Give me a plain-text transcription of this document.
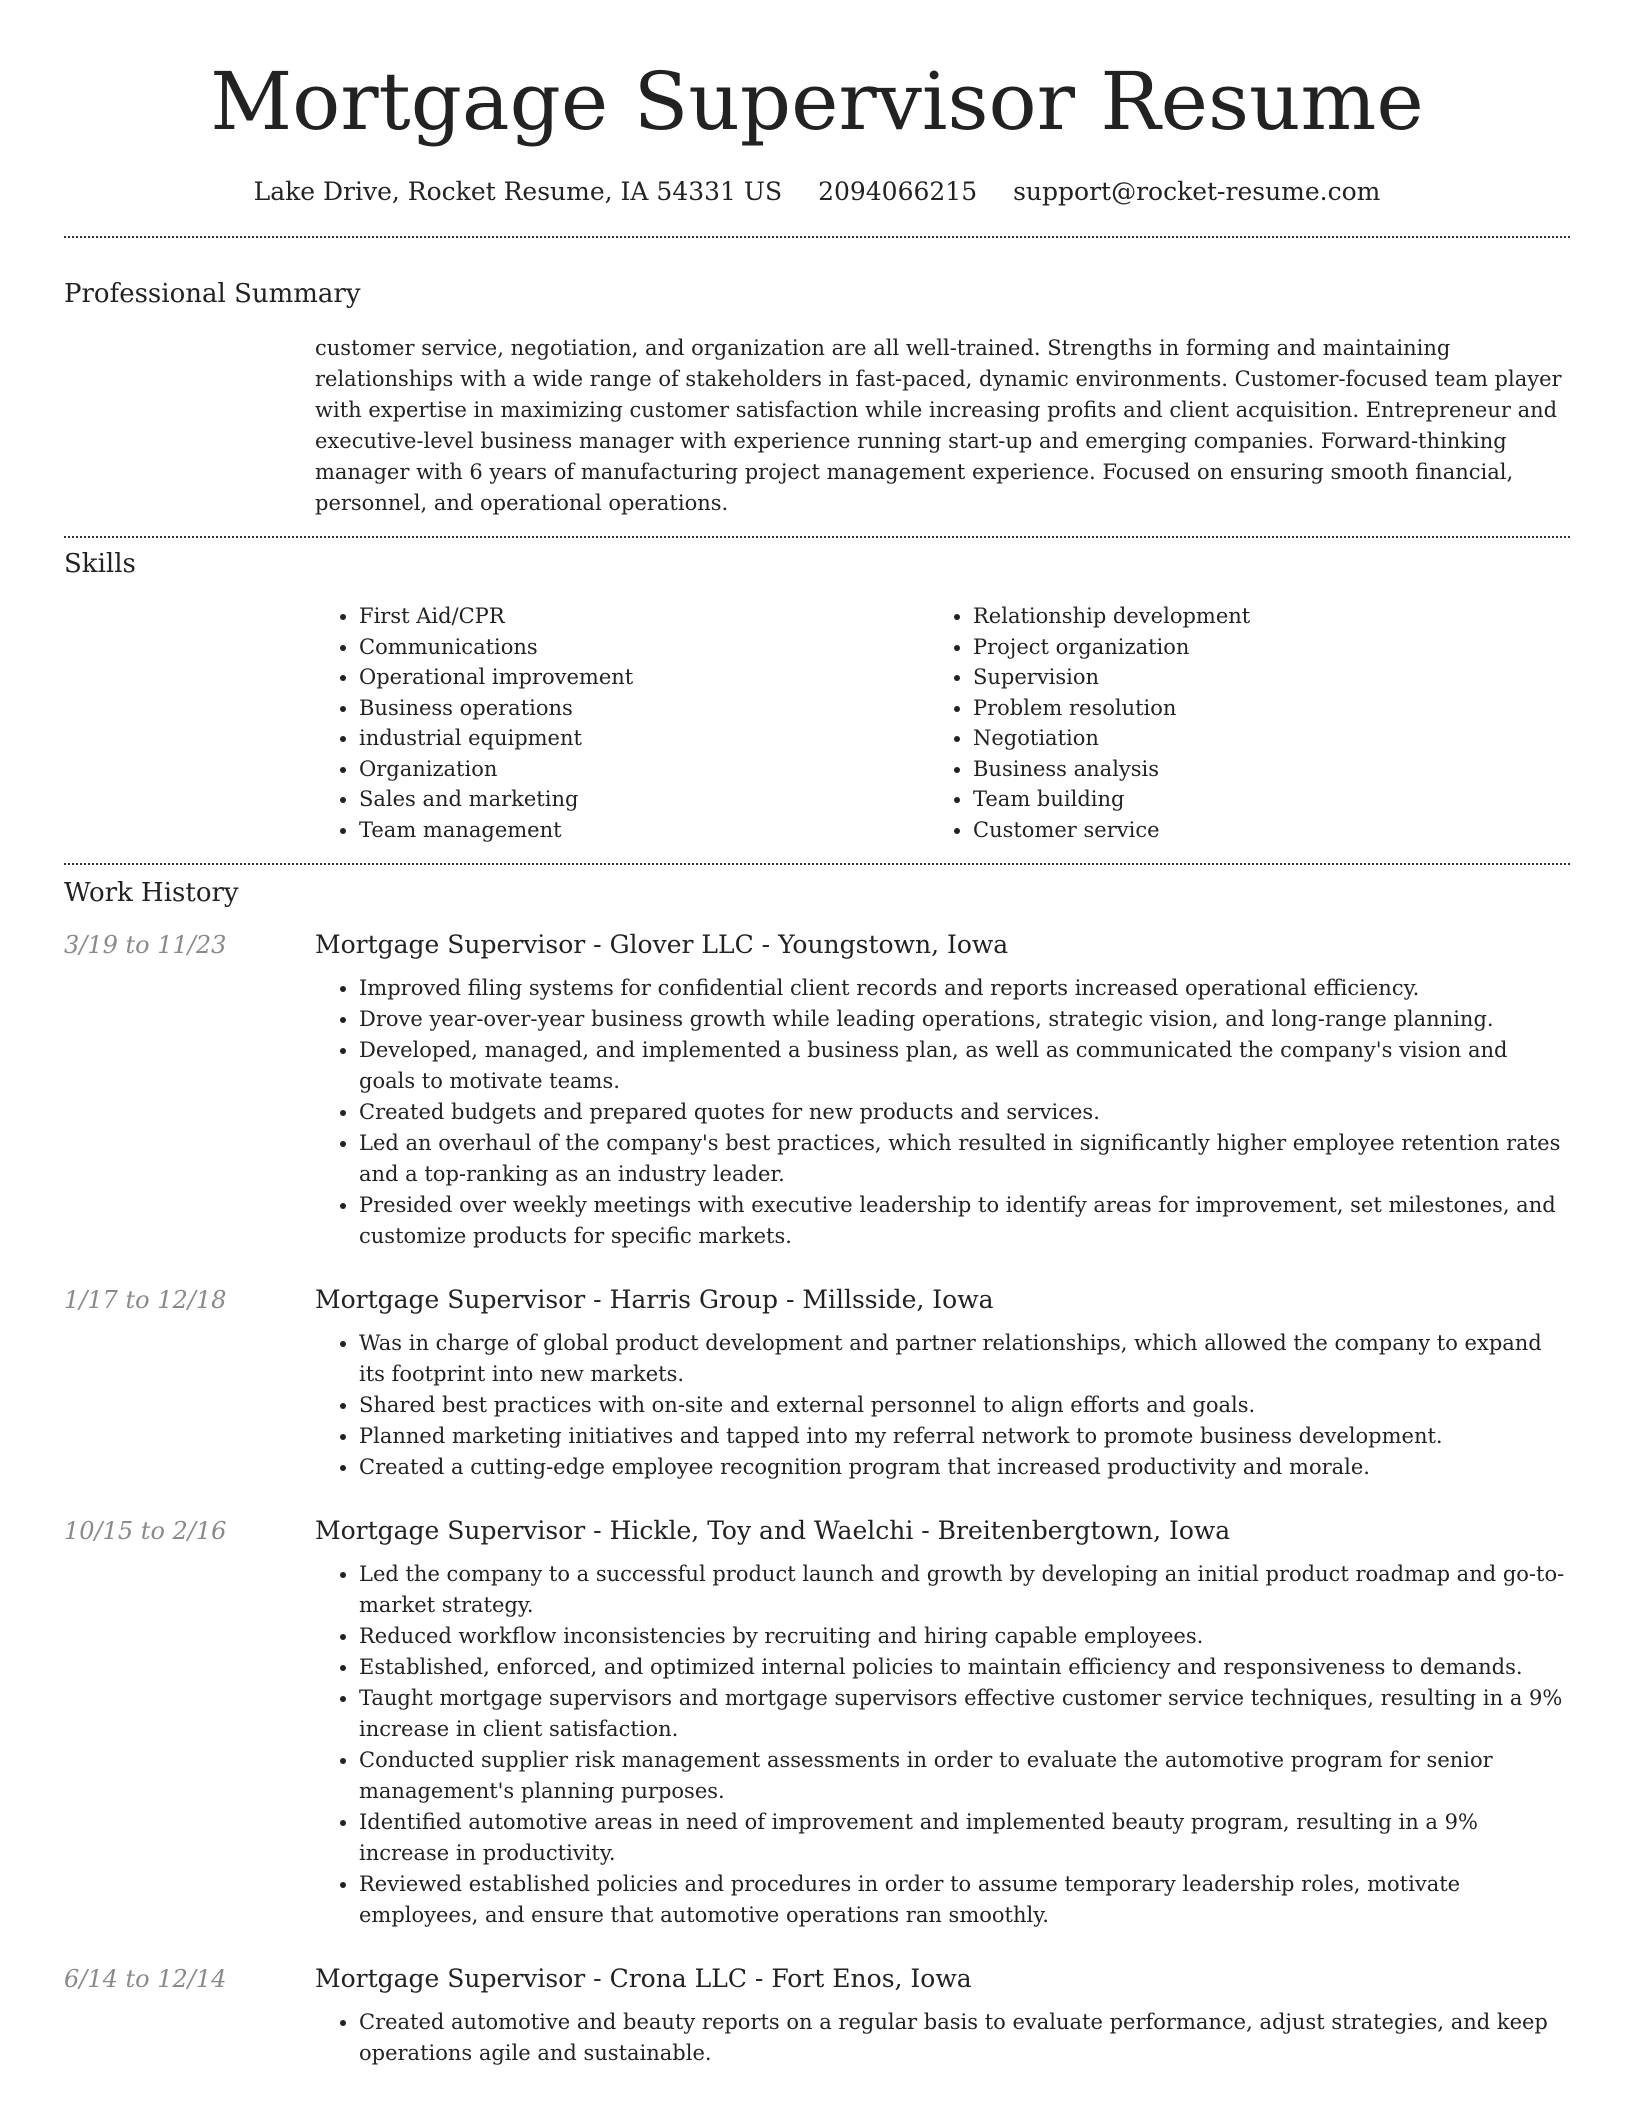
Mortgage Supervisor Resume
Lake Drive, Rocket Resume, IA 54331 US 2094066215 support@rocket-resume.com
Professional Summary
customer service, negotiation, and organization are all well-trained. Strengths in forming and maintaining relationships with a wide range of stakeholders in fast-paced, dynamic environments. Customer-focused team player with expertise in maximizing customer satisfaction while increasing profits and client acquisition. Entrepreneur and executive-level business manager with experience running start-up and emerging companies. Forward-thinking manager with 6 years of manufacturing project management experience. Focused on ensuring smooth financial, personnel, and operational operations.
Skills
• First Aid/CPR
• Communications
• Operational improvement
• Business operations
• industrial equipment
• Organization
• Sales and marketing
• Team management
• Relationship development
• Project organization
• Supervision
• Problem resolution
• Negotiation
• Business analysis
• Team building
• Customer service
Work History
3/19 to 11/23	Mortgage Supervisor - Glover LLC - Youngstown, Iowa
• Improved filing systems for confidential client records and reports increased operational efficiency.
• Drove year-over-year business growth while leading operations, strategic vision, and long-range planning.
• Developed, managed, and implemented a business plan, as well as communicated the company's vision and goals to motivate teams.
• Created budgets and prepared quotes for new products and services.
• Led an overhaul of the company's best practices, which resulted in significantly higher employee retention rates and a top-ranking as an industry leader.
• Presided over weekly meetings with executive leadership to identify areas for improvement, set milestones, and customize products for specific markets.
1/17 to 12/18	Mortgage Supervisor - Harris Group - Millsside, Iowa
• Was in charge of global product development and partner relationships, which allowed the company to expand its footprint into new markets.
• Shared best practices with on-site and external personnel to align efforts and goals.
• Planned marketing initiatives and tapped into my referral network to promote business development.
• Created a cutting-edge employee recognition program that increased productivity and morale.
10/15 to 2/16	Mortgage Supervisor - Hickle, Toy and Waelchi - Breitenbergtown, Iowa
• Led the company to a successful product launch and growth by developing an initial product roadmap and go-to-market strategy.
• Reduced workflow inconsistencies by recruiting and hiring capable employees.
• Established, enforced, and optimized internal policies to maintain efficiency and responsiveness to demands.
• Taught mortgage supervisors and mortgage supervisors effective customer service techniques, resulting in a 9% increase in client satisfaction.
• Conducted supplier risk management assessments in order to evaluate the automotive program for senior management's planning purposes.
• Identified automotive areas in need of improvement and implemented beauty program, resulting in a 9% increase in productivity.
• Reviewed established policies and procedures in order to assume temporary leadership roles, motivate employees, and ensure that automotive operations ran smoothly.
6/14 to 12/14	Mortgage Supervisor - Crona LLC - Fort Enos, Iowa
• Created automotive and beauty reports on a regular basis to evaluate performance, adjust strategies, and keep operations agile and sustainable.
